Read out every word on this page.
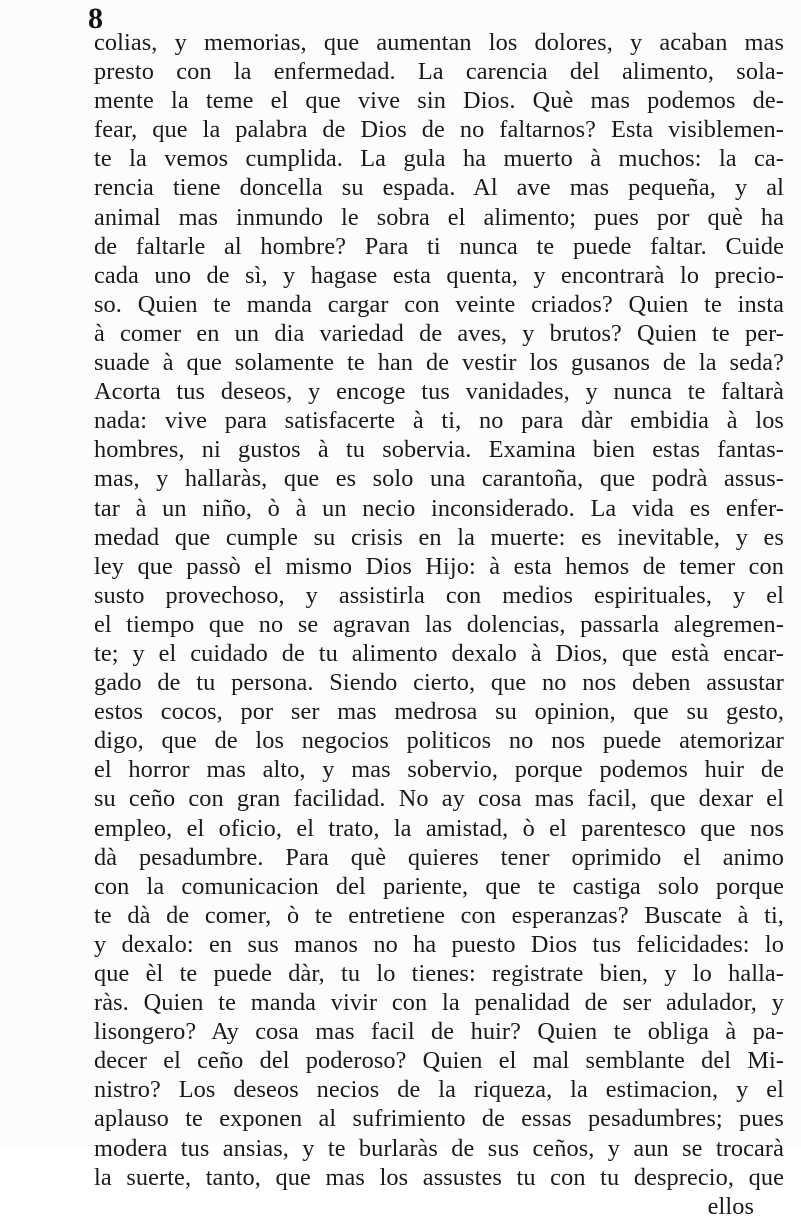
8
colias, y memorias, que aumentan los dolores, y acaban mas
presto con la enfermedad. La carencia del alimento, sola-
mente la teme el que vive sin Dios. Què mas podemos de-
fear, que la palabra de Dios de no faltarnos? Esta visiblemen-
te la vemos cumplida. La gula ha muerto à muchos: la ca-
rencia tiene doncella su espada. Al ave mas pequeña, y al
animal mas inmundo le sobra el alimento; pues por què ha
de faltarle al hombre? Para ti nunca te puede faltar. Cuide
cada uno de sì, y hagase esta quenta, y encontrarà lo precio-
so. Quien te manda cargar con veinte criados? Quien te insta
à comer en un dia variedad de aves, y brutos? Quien te per-
suade à que solamente te han de vestir los gusanos de la seda?
Acorta tus deseos, y encoge tus vanidades, y nunca te faltarà
nada: vive para satisfacerte à ti, no para dàr embidia à los
hombres, ni gustos à tu sobervia. Examina bien estas fantas-
mas, y hallaràs, que es solo una carantoña, que podrà assus-
tar à un niño, ò à un necio inconsiderado. La vida es enfer-
medad que cumple su crisis en la muerte: es inevitable, y es
ley que passò el mismo Dios Hijo: à esta hemos de temer con
susto provechoso, y assistirla con medios espirituales, y el
el tiempo que no se agravan las dolencias, passarla alegremen-
te; y el cuidado de tu alimento dexalo à Dios, que està encar-
gado de tu persona. Siendo cierto, que no nos deben assustar
estos cocos, por ser mas medrosa su opinion, que su gesto,
digo, que de los negocios politicos no nos puede atemorizar
el horror mas alto, y mas sobervio, porque podemos huir de
su ceño con gran facilidad. No ay cosa mas facil, que dexar el
empleo, el oficio, el trato, la amistad, ò el parentesco que nos
dà pesadumbre. Para què quieres tener oprimido el animo
con la comunicacion del pariente, que te castiga solo porque
te dà de comer, ò te entretiene con esperanzas? Buscate à ti,
y dexalo: en sus manos no ha puesto Dios tus felicidades: lo
que èl te puede dàr, tu lo tienes: registrate bien, y lo halla-
ràs. Quien te manda vivir con la penalidad de ser adulador, y
lisongero? Ay cosa mas facil de huir? Quien te obliga à pa-
decer el ceño del poderoso? Quien el mal semblante del Mi-
nistro? Los deseos necios de la riqueza, la estimacion, y el
aplauso te exponen al sufrimiento de essas pesadumbres; pues
modera tus ansias, y te burlaràs de sus ceños, y aun se trocarà
la suerte, tanto, que mas los assustes tu con tu desprecio, que
ellos
